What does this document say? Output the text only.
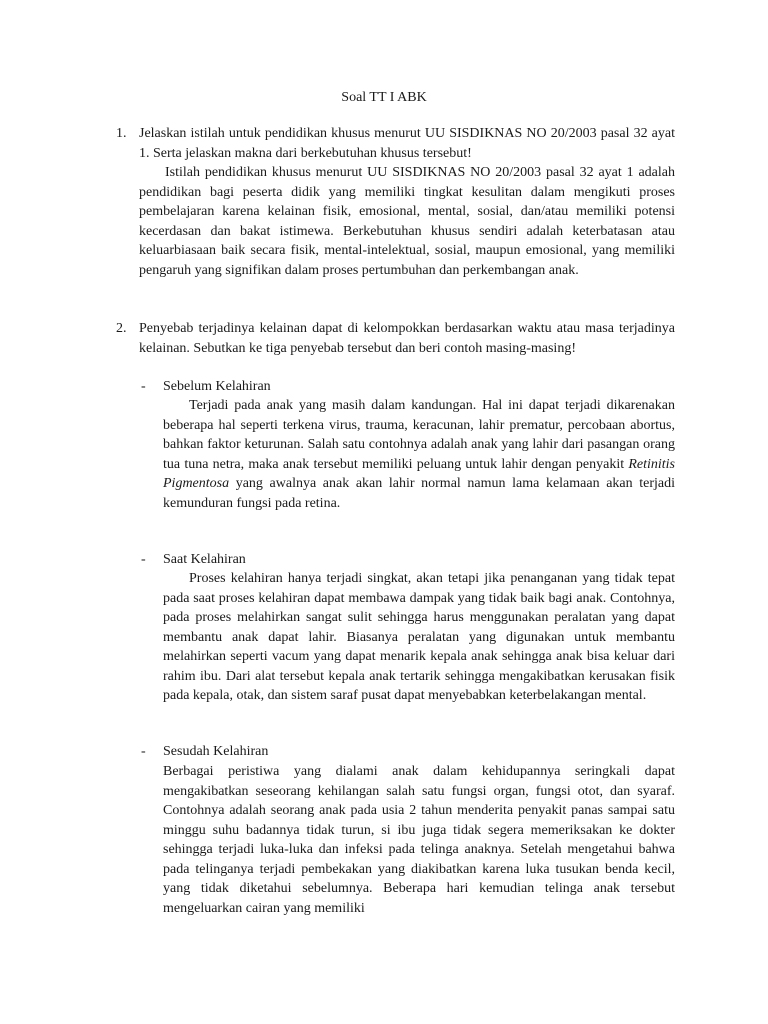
Soal TT I ABK
1. Jelaskan istilah untuk pendidikan khusus menurut UU SISDIKNAS NO 20/2003 pasal 32 ayat 1. Serta jelaskan makna dari berkebutuhan khusus tersebut!
Istilah pendidikan khusus menurut UU SISDIKNAS NO 20/2003 pasal 32 ayat 1 adalah pendidikan bagi peserta didik yang memiliki tingkat kesulitan dalam mengikuti proses pembelajaran karena kelainan fisik, emosional, mental, sosial, dan/atau memiliki potensi kecerdasan dan bakat istimewa. Berkebutuhan khusus sendiri adalah keterbatasan atau keluarbiasaan baik secara fisik, mental-intelektual, sosial, maupun emosional, yang memiliki pengaruh yang signifikan dalam proses pertumbuhan dan perkembangan anak.
2. Penyebab terjadinya kelainan dapat di kelompokkan berdasarkan waktu atau masa terjadinya kelainan. Sebutkan ke tiga penyebab tersebut dan beri contoh masing-masing!
- Sebelum Kelahiran
Terjadi pada anak yang masih dalam kandungan. Hal ini dapat terjadi dikarenakan beberapa hal seperti terkena virus, trauma, keracunan, lahir prematur, percobaan abortus, bahkan faktor keturunan. Salah satu contohnya adalah anak yang lahir dari pasangan orang tua tuna netra, maka anak tersebut memiliki peluang untuk lahir dengan penyakit Retinitis Pigmentosa yang awalnya anak akan lahir normal namun lama kelamaan akan terjadi kemunduran fungsi pada retina.
- Saat Kelahiran
Proses kelahiran hanya terjadi singkat, akan tetapi jika penanganan yang tidak tepat pada saat proses kelahiran dapat membawa dampak yang tidak baik bagi anak. Contohnya, pada proses melahirkan sangat sulit sehingga harus menggunakan peralatan yang dapat membantu anak dapat lahir. Biasanya peralatan yang digunakan untuk membantu melahirkan seperti vacum yang dapat menarik kepala anak sehingga anak bisa keluar dari rahim ibu. Dari alat tersebut kepala anak tertarik sehingga mengakibatkan kerusakan fisik pada kepala, otak, dan sistem saraf pusat dapat menyebabkan keterbelakangan mental.
- Sesudah Kelahiran
Berbagai peristiwa yang dialami anak dalam kehidupannya seringkali dapat mengakibatkan seseorang kehilangan salah satu fungsi organ, fungsi otot, dan syaraf. Contohnya adalah seorang anak pada usia 2 tahun menderita penyakit panas sampai satu minggu suhu badannya tidak turun, si ibu juga tidak segera memeriksakan ke dokter sehingga terjadi luka-luka dan infeksi pada telinga anaknya. Setelah mengetahui bahwa pada telinganya terjadi pembekakan yang diakibatkan karena luka tusukan benda kecil, yang tidak diketahui sebelumnya. Beberapa hari kemudian telinga anak tersebut mengeluarkan cairan yang memiliki
